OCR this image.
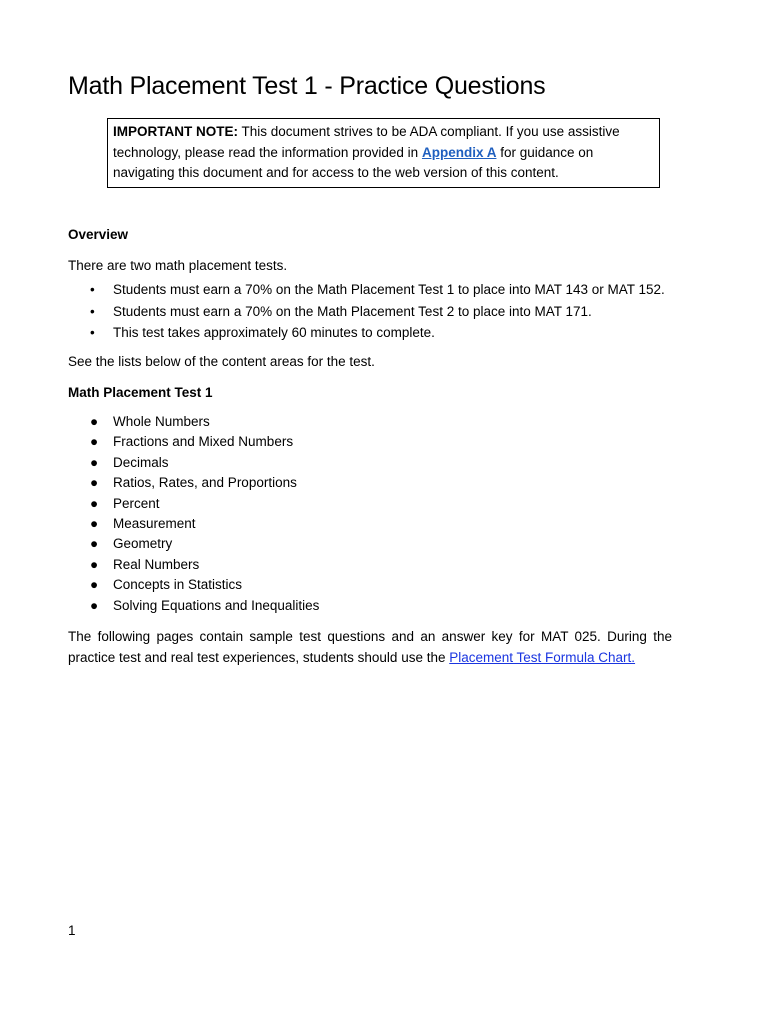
Math Placement Test 1 - Practice Questions
IMPORTANT NOTE: This document strives to be ADA compliant. If you use assistive technology, please read the information provided in Appendix A for guidance on navigating this document and for access to the web version of this content.
Overview
There are two math placement tests.
• Students must earn a 70% on the Math Placement Test 1 to place into MAT 143 or MAT 152.
• Students must earn a 70% on the Math Placement Test 2 to place into MAT 171.
• This test takes approximately 60 minutes to complete.
See the lists below of the content areas for the test.
Math Placement Test 1
● Whole Numbers
● Fractions and Mixed Numbers
● Decimals
● Ratios, Rates, and Proportions
● Percent
● Measurement
● Geometry
● Real Numbers
● Concepts in Statistics
● Solving Equations and Inequalities

The following pages contain sample test questions and an answer key for MAT 025. During the practice test and real test experiences, students should use the Placement Test Formula Chart.

1
